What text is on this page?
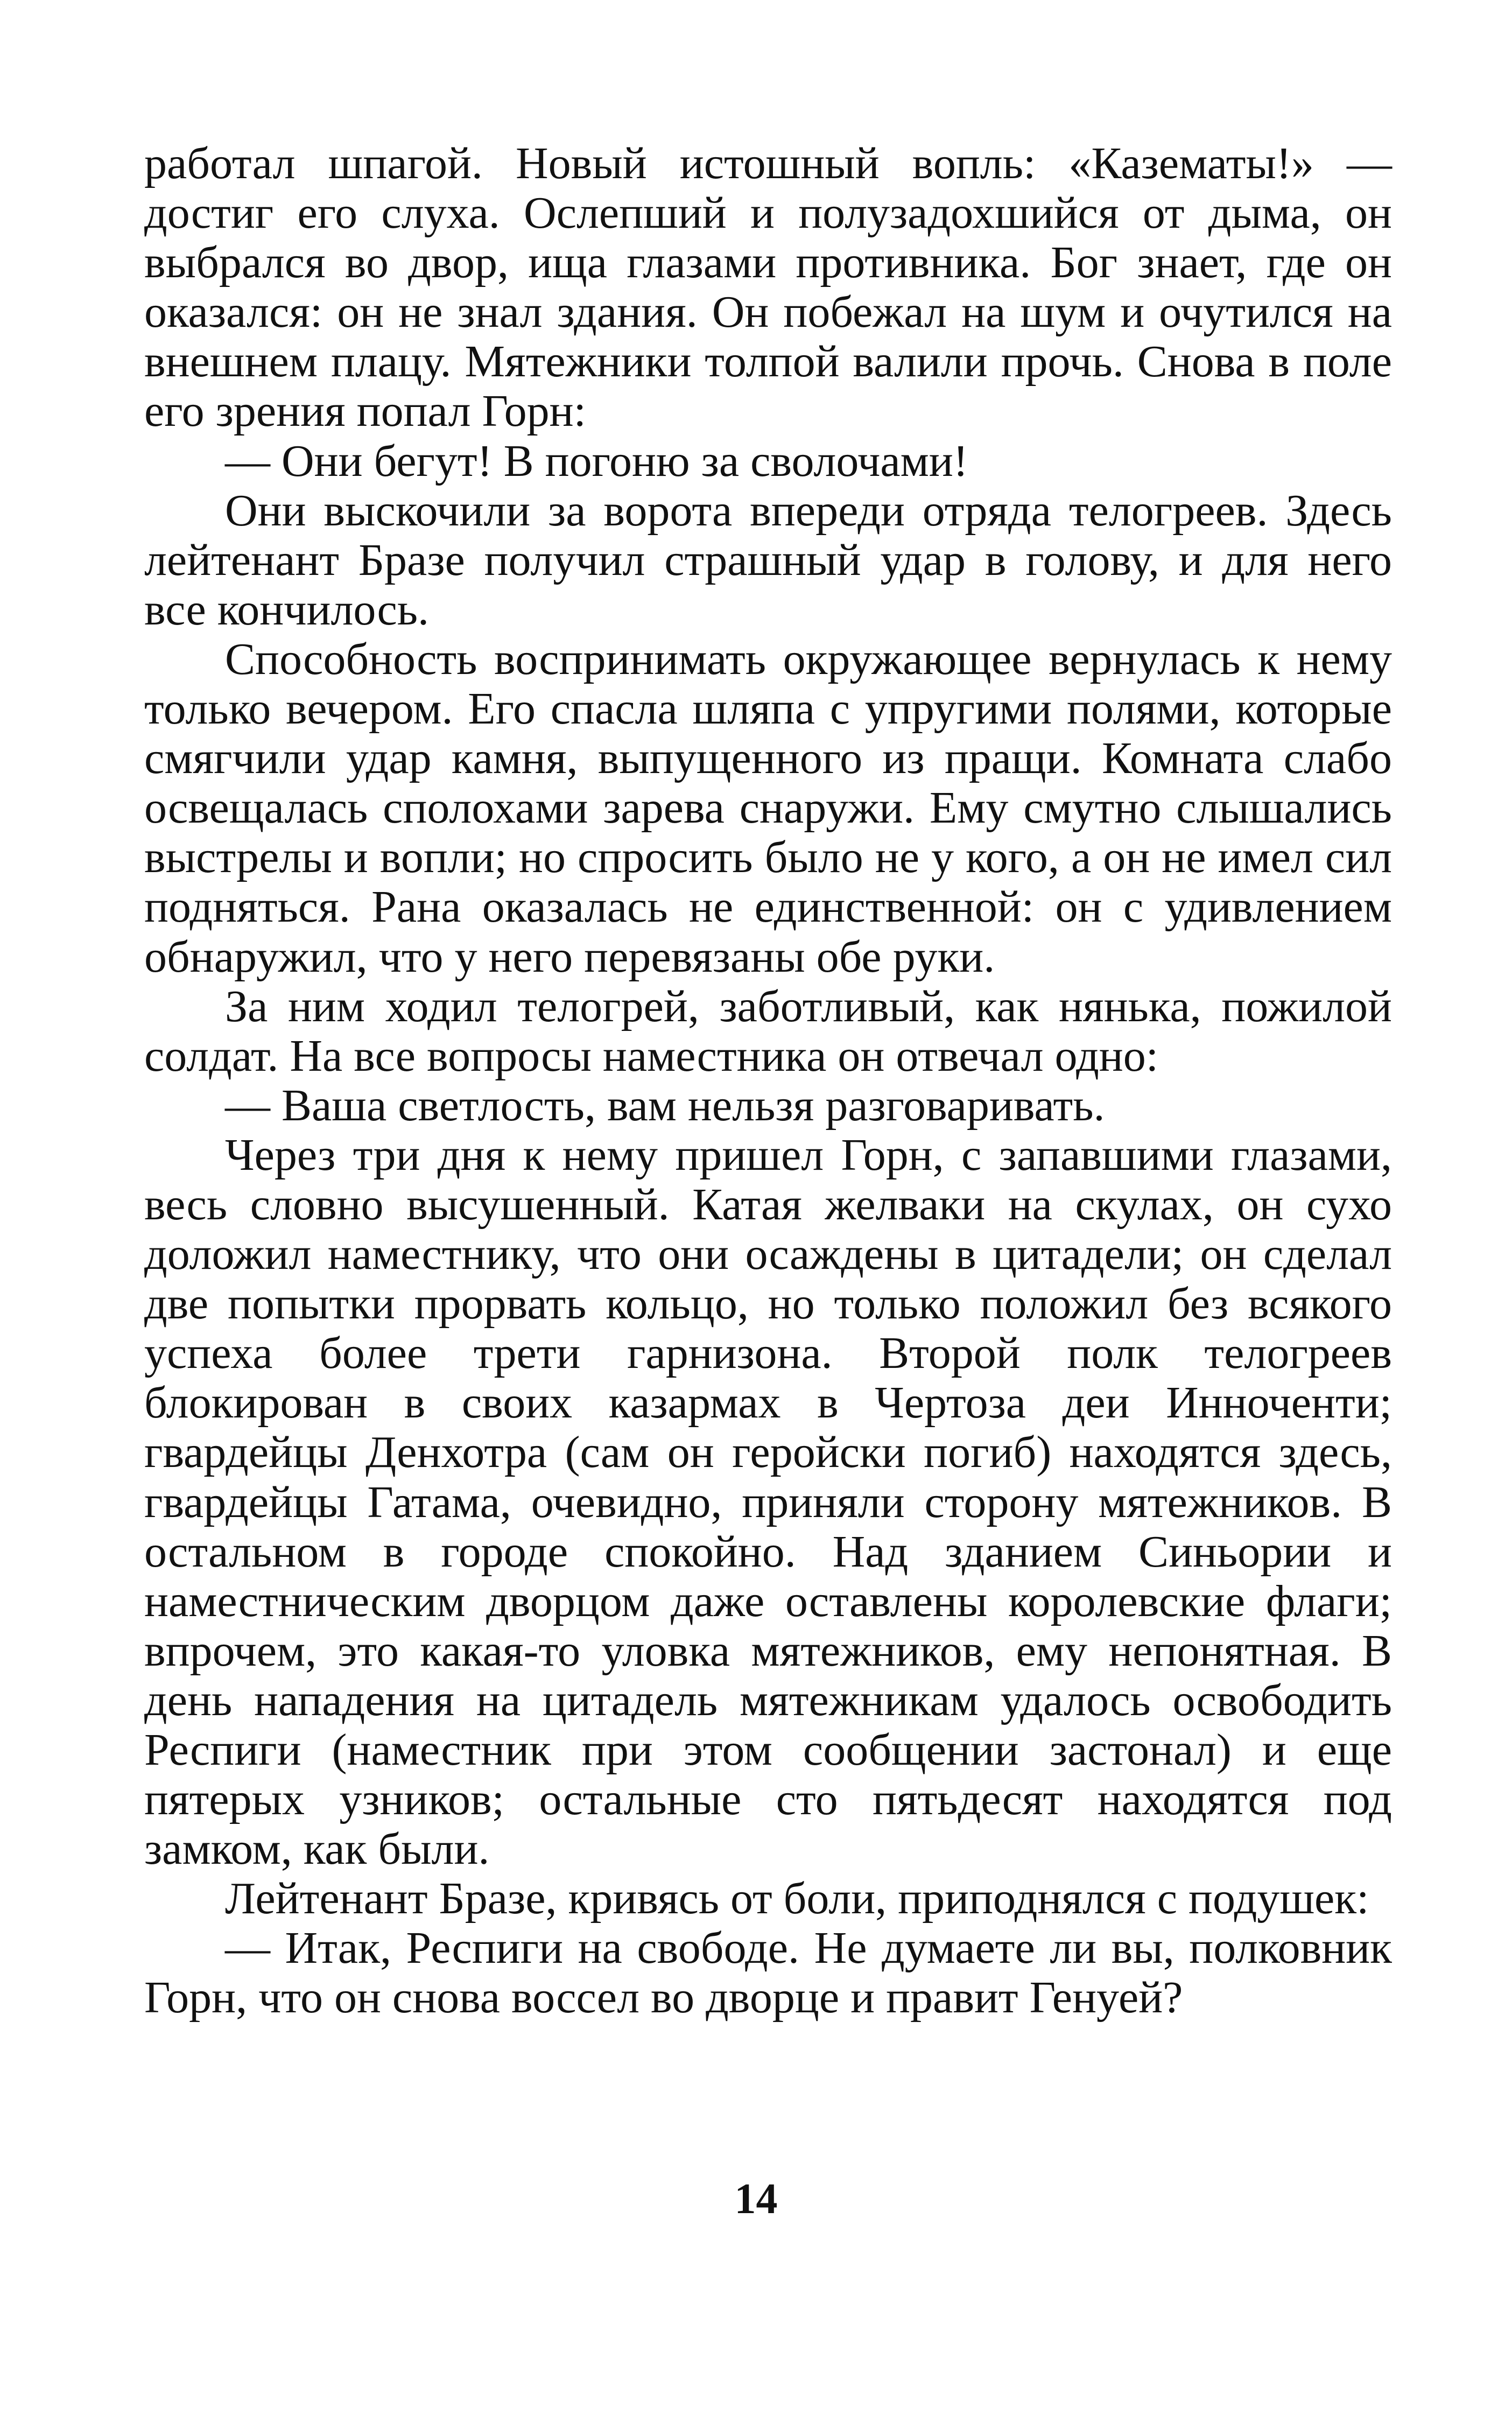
работал шпагой. Новый истошный вопль: «Казематы!» — достиг его слуха. Ослепший и полузадохшийся от дыма, он выбрался во двор, ища глазами противника. Бог знает, где он оказался: он не знал здания. Он побежал на шум и очутился на внешнем плацу. Мятежники толпой валили прочь. Снова в поле его зрения попал Горн:

— Они бегут! В погоню за сволочами!

Они выскочили за ворота впереди отряда телогреев. Здесь лейтенант Бразе получил страшный удар в голову, и для него все кончилось.

Способность воспринимать окружающее вернулась к нему только вечером. Его спасла шляпа с упругими полями, которые смягчили удар камня, выпущенного из пращи. Комната слабо освещалась сполохами зарева снаружи. Ему смутно слышались выстрелы и вопли; но спросить было не у кого, а он не имел сил подняться. Рана оказалась не единственной: он с удивлением обнаружил, что у него перевязаны обе руки.

За ним ходил телогрей, заботливый, как нянька, пожилой солдат. На все вопросы наместника он отвечал одно:

— Ваша светлость, вам нельзя разговаривать.

Через три дня к нему пришел Горн, с запавшими глазами, весь словно высушенный. Катая желваки на скулах, он сухо доложил наместнику, что они осаждены в цитадели; он сделал две попытки прорвать кольцо, но только положил без всякого успеха более трети гарнизона. Второй полк телогреев блокирован в своих казармах в Чертоза деи Инноченти; гвардейцы Денхотра (сам он геройски погиб) находятся здесь, гвардейцы Гатама, очевидно, приняли сторону мятежников. В остальном в городе спокойно. Над зданием Синьории и наместническим дворцом даже оставлены королевские флаги; впрочем, это какая-то уловка мятежников, ему непонятная. В день нападения на цитадель мятежникам удалось освободить Респиги (наместник при этом сообщении застонал) и еще пятерых узников; остальные сто пятьдесят находятся под замком, как были.

Лейтенант Бразе, кривясь от боли, приподнялся с подушек:

— Итак, Респиги на свободе. Не думаете ли вы, полковник Горн, что он снова воссел во дворце и правит Генуей?

14
